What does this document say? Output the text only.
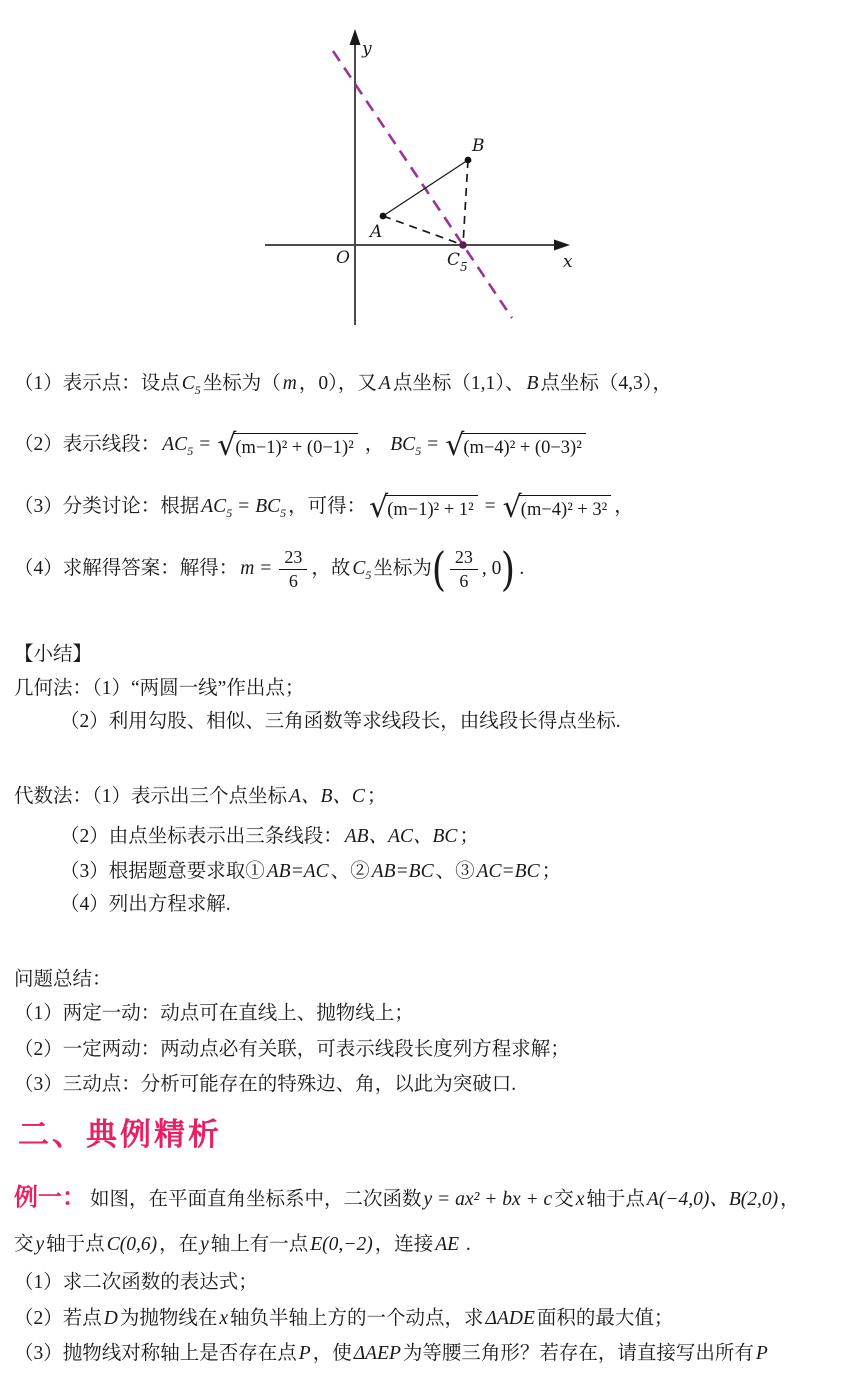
y
x
O
A
B
C 5

（1）表示点：设点 $C_5$ 坐标为（ m ，0），又 A 点坐标（1,1）、 B 点坐标（4,3），

（2）表示线段： $AC_5$ = √ (m−1)² + (0−1)² ， $BC_5$ = √ (m−4)² + (0−3)²

（3）分类讨论：根据 $AC_5 = BC_5$ ，可得： √ (m−1)² + 1² = √ (m−4)² + 3² ，

（4）求解得答案：解得： $m = \frac{23}{6}$ ，故 $C_5$ 坐标为( $\frac{23}{6}$ , 0) .

【小结】

几何法：（1）“两圆一线”作出点；

（2）利用勾股、相似、三角函数等求线段长，由线段长得点坐标.

代数法：（1）表示出三个点坐标 A、B、C ；

（2）由点坐标表示出三条线段： AB、AC、BC ；

（3）根据题意要求取① AB=AC 、② AB=BC 、③ AC=BC ；

（4）列出方程求解.

问题总结：

（1）两定一动：动点可在直线上、抛物线上；

（2）一定两动：两动点必有关联，可表示线段长度列方程求解；

（3）三动点：分析可能存在的特殊边、角，以此为突破口.

二、典例精析

例一： 如图，在平面直角坐标系中，二次函数 y = ax² + bx + c 交 x 轴于点 A(−4,0)、B(2,0) ，

交 y 轴于点 C(0,6) ，在 y 轴上有一点 E(0,−2) ，连接 AE .

（1）求二次函数的表达式；

（2）若点 D 为抛物线在 x 轴负半轴上方的一个动点，求 ΔADE 面积的最大值；

（3）抛物线对称轴上是否存在点 P ，使 ΔAEP 为等腰三角形？若存在，请直接写出所有 P
